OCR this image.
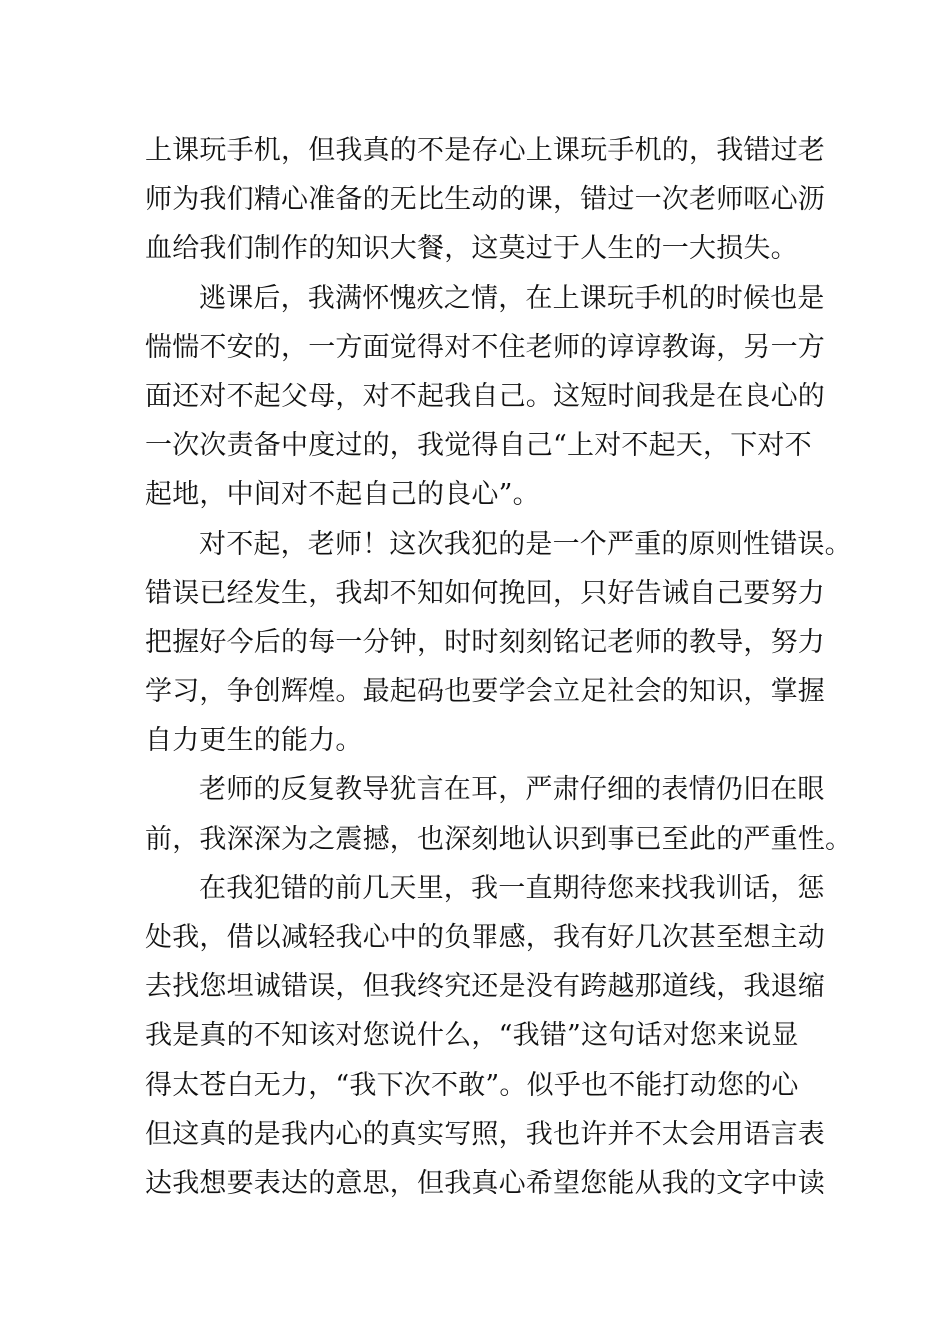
上课玩手机，但我真的不是存心上课玩手机的，我错过老
师为我们精心准备的无比生动的课，错过一次老师呕心沥
血给我们制作的知识大餐，这莫过于人生的一大损失。
逃课后，我满怀愧疚之情，在上课玩手机的时候也是
惴惴不安的，一方面觉得对不住老师的谆谆教诲，另一方
面还对不起父母，对不起我自己。这短时间我是在良心的
一次次责备中度过的，我觉得自己“上对不起天，下对不
起地，中间对不起自己的良心”。
对不起，老师！这次我犯的是一个严重的原则性错误。
错误已经发生，我却不知如何挽回，只好告诫自己要努力
把握好今后的每一分钟，时时刻刻铭记老师的教导，努力
学习，争创辉煌。最起码也要学会立足社会的知识，掌握
自力更生的能力。
老师的反复教导犹言在耳，严肃仔细的表情仍旧在眼
前，我深深为之震撼，也深刻地认识到事已至此的严重性。
在我犯错的前几天里，我一直期待您来找我训话，惩
处我，借以减轻我心中的负罪感，我有好几次甚至想主动
去找您坦诚错误，但我终究还是没有跨越那道线，我退缩
我是真的不知该对您说什么，“我错”这句话对您来说显
得太苍白无力，“我下次不敢”。似乎也不能打动您的心
但这真的是我内心的真实写照，我也许并不太会用语言表
达我想要表达的意思，但我真心希望您能从我的文字中读
